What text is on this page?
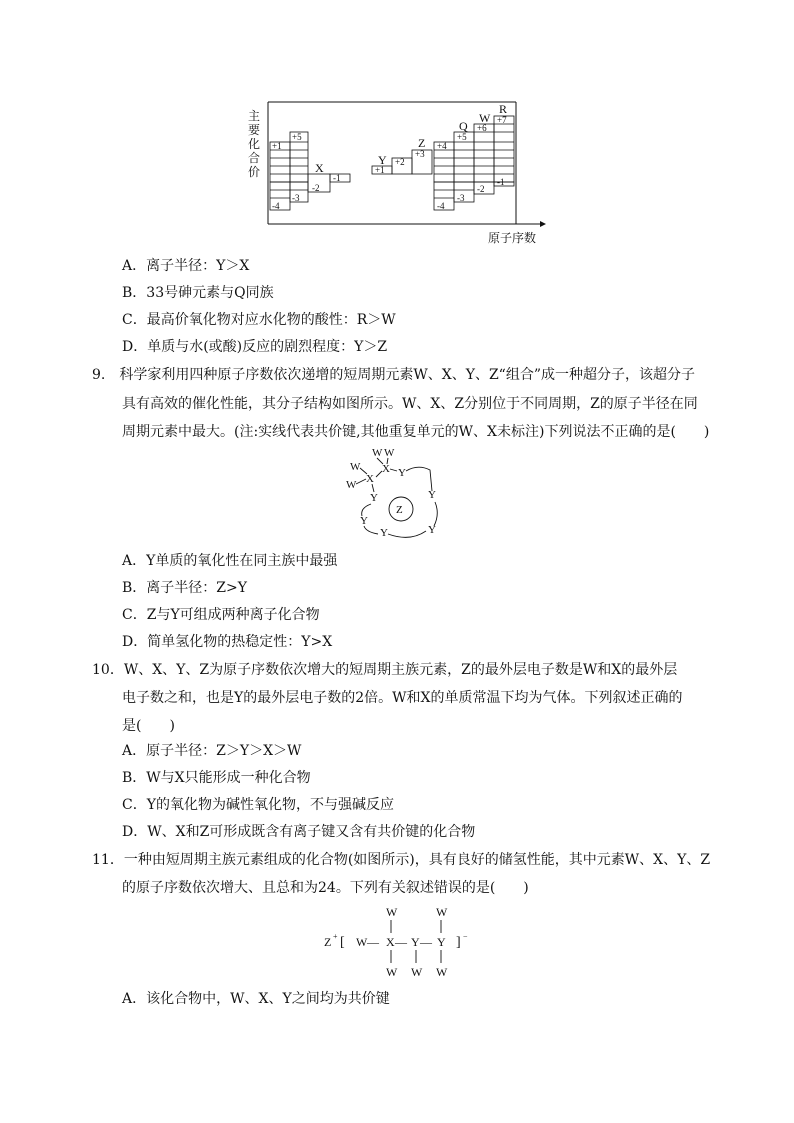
主
要
化
合
价
+1
+5
-4
-3
-2
-1
+1
+2
+3
+4
-4
+5
-3
+6
-2
+7
-1
X
Y
Z
Q
W
R
原子序数
A．离子半径：Y＞X
B．33号砷元素与Q同族
C．最高价氧化物对应水化物的酸性：R＞W
D．单质与水(或酸)反应的剧烈程度：Y＞Z
9.　科学家利用四种原子序数依次递增的短周期元素W、X、Y、Z“组合”成一种超分子，该超分子
具有高效的催化性能，其分子结构如图所示。W、X、Z分别位于不同周期，Z的原子半径在同
周期元素中最大。(注:实线代表共价键,其他重复单元的W、X未标注)下列说法不正确的是(　　)
W W
W
W
X
X Y
Y	Y
Y
Y
Y
Z
A．Y单质的氧化性在同主族中最强
B．离子半径：Z>Y
C．Z与Y可组成两种离子化合物
D．简单氢化物的热稳定性：Y>X
10．W、X、Y、Z为原子序数依次增大的短周期主族元素，Z的最外层电子数是W和X的最外层
电子数之和，也是Y的最外层电子数的2倍。W和X的单质常温下均为气体。下列叙述正确的
是(　　)
A．原子半径：Z＞Y＞X＞W
B．W与X只能形成一种化合物
C．Y的氧化物为碱性氧化物，不与强碱反应
D．W、X和Z可形成既含有离子键又含有共价键的化合物
11．一种由短周期主族元素组成的化合物(如图所示)，具有良好的储氢性能，其中元素W、X、Y、Z
的原子序数依次增大、且总和为24。下列有关叙述错误的是(　　)
W	W
Z + [ W — X — Y — Y ] −
W W W
A．该化合物中，W、X、Y之间均为共价键
